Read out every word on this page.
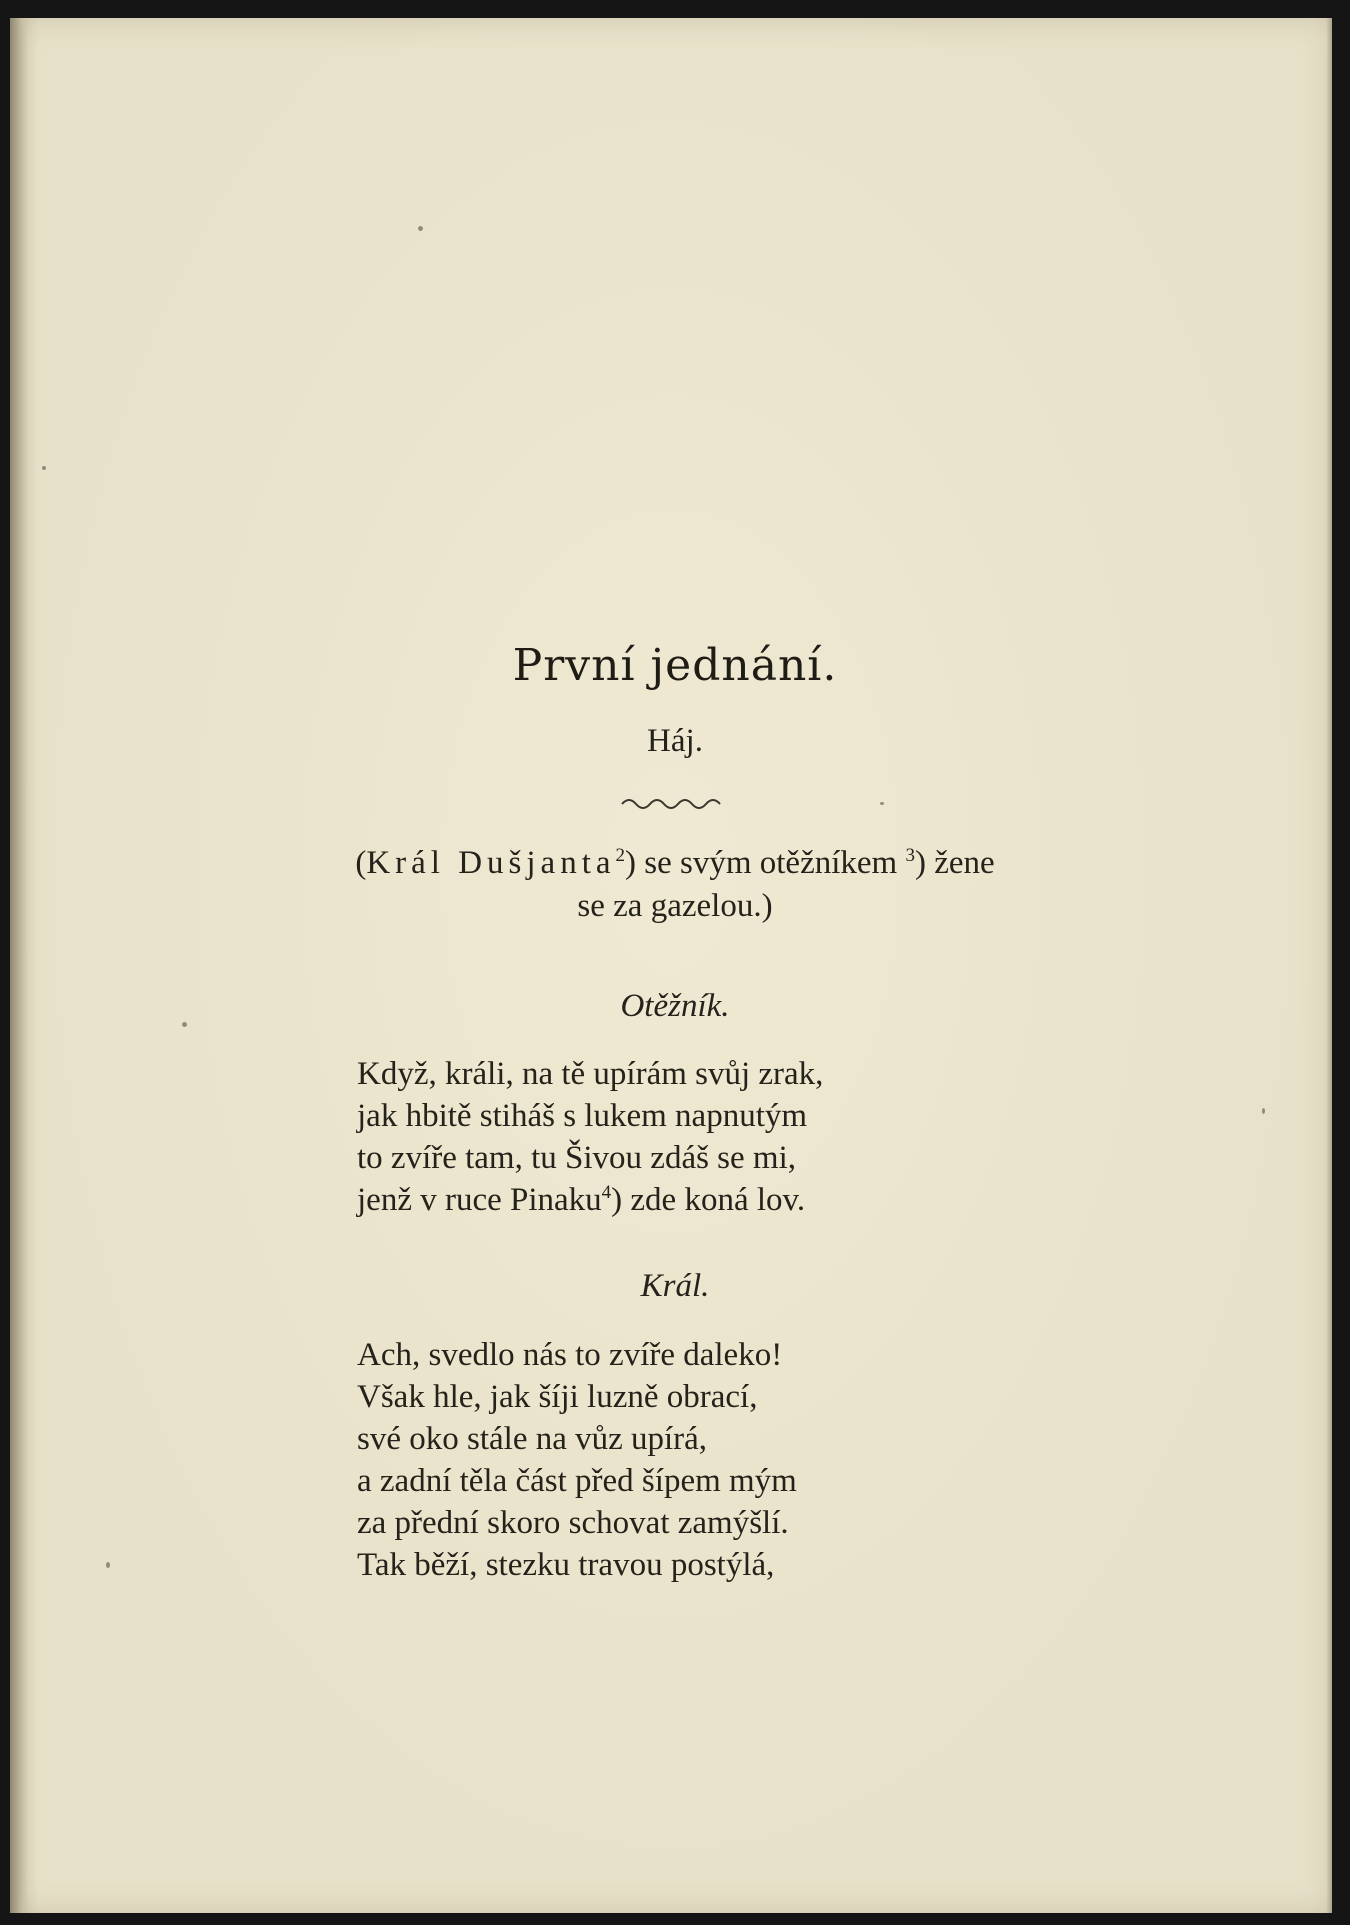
První jednání.
Háj.
(Král Dušjanta$^2$) se svým otěžníkem $^3$) žene
se za gazelou.)
Otěžník.
Když, králi, na tě upírám svůj zrak,
jak hbitě stiháš s lukem napnutým
to zvíře tam, tu Šivou zdáš se mi,
jenž v ruce Pinaku$^4$) zde koná lov.
Král.
Ach, svedlo nás to zvíře daleko!
Však hle, jak šíji luzně obrací,
své oko stále na vůz upírá,
a zadní těla část před šípem mým
za přední skoro schovat zamýšlí.
Tak běží, stezku travou postýlá,
